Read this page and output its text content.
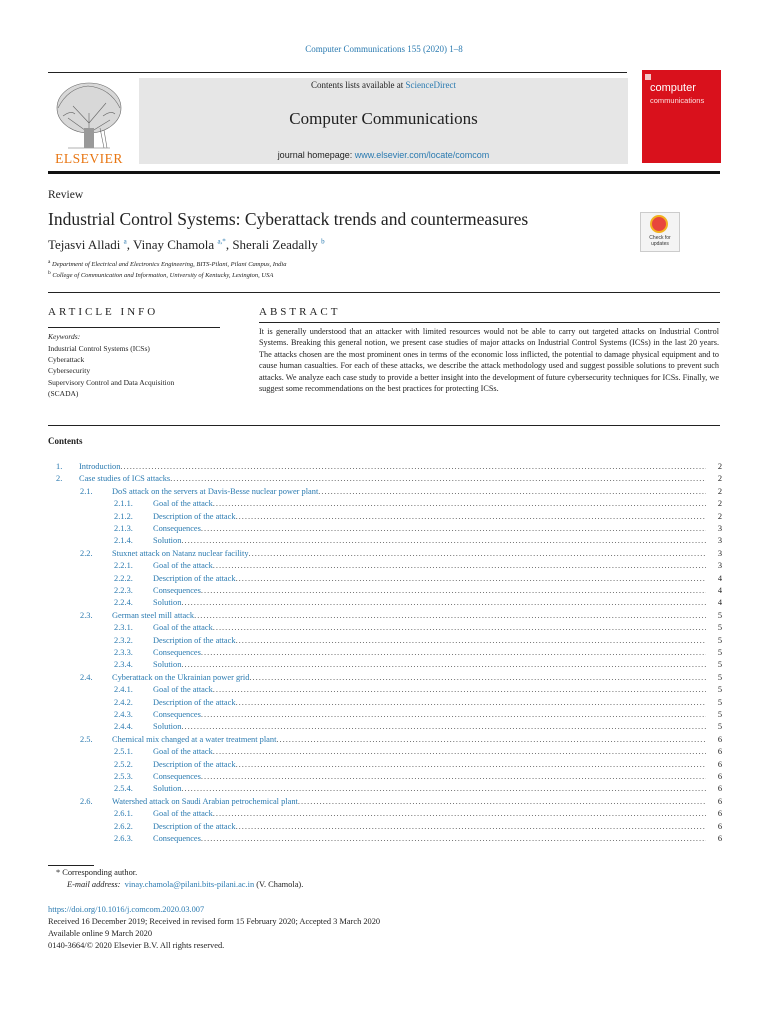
Computer Communications 155 (2020) 1–8
ELSEVIER
Contents lists available at ScienceDirect
Computer Communications
journal homepage: www.elsevier.com/locate/comcom
computer
communications
Review
Industrial Control Systems: Cyberattack trends and countermeasures
Tejasvi Alladi $^a$, Vinay Chamola $^{a,*}$, Sherali Zeadally $^b$	Check for updates
$^a$ Department of Electrical and Electronics Engineering, BITS-Pilani, Pilani Campus, India
$^b$ College of Communication and Information, University of Kentucky, Lexington, USA
ARTICLE INFO	ABSTRACT
Keywords:
Industrial Control Systems (ICSs)
Cyberattack
Cybersecurity
Supervisory Control and Data Acquisition
(SCADA)
It is generally understood that an attacker with limited resources would not be able to carry out targeted attacks on Industrial Control Systems. Breaking this general notion, we present case studies of major attacks on Industrial Control Systems (ICSs) in the last 20 years. The attacks chosen are the most prominent ones in terms of the economic loss inflicted, the potential to damage physical equipment and to cause human casualties. For each of these attacks, we describe the attack methodology used and suggest possible solutions to prevent such attacks. We analyze each case study to provide a better insight into the development of future cybersecurity techniques for ICSs. Finally, we suggest some recommendations on the best practices for protecting ICSs.
Contents
1.	Introduction .....	2
2.	Case studies of ICS attacks .....	2
2.1.	DoS attack on the servers at Davis-Besse nuclear power plant .....	2
2.1.1.	Goal of the attack .....	2
2.1.2.	Description of the attack .....	2
2.1.3.	Consequences .....	3
2.1.4.	Solution .....	3
2.2.	Stuxnet attack on Natanz nuclear facility .....	3
2.2.1.	Goal of the attack .....	3
2.2.2.	Description of the attack .....	4
2.2.3.	Consequences .....	4
2.2.4.	Solution .....	4
2.3.	German steel mill attack .....	5
2.3.1.	Goal of the attack .....	5
2.3.2.	Description of the attack .....	5
2.3.3.	Consequences .....	5
2.3.4.	Solution .....	5
2.4.	Cyberattack on the Ukrainian power grid .....	5
2.4.1.	Goal of the attack .....	5
2.4.2.	Description of the attack .....	5
2.4.3.	Consequences .....	5
2.4.4.	Solution .....	5
2.5.	Chemical mix changed at a water treatment plant .....	6
2.5.1.	Goal of the attack .....	6
2.5.2.	Description of the attack .....	6
2.5.3.	Consequences .....	6
2.5.4.	Solution .....	6
2.6.	Watershed attack on Saudi Arabian petrochemical plant .....	6
2.6.1.	Goal of the attack .....	6
2.6.2.	Description of the attack .....	6
2.6.3.	Consequences .....	6
* Corresponding author.
E-mail address: vinay.chamola@pilani.bits-pilani.ac.in (V. Chamola).
https://doi.org/10.1016/j.comcom.2020.03.007
Received 16 December 2019; Received in revised form 15 February 2020; Accepted 3 March 2020
Available online 9 March 2020
0140-3664/© 2020 Elsevier B.V. All rights reserved.
